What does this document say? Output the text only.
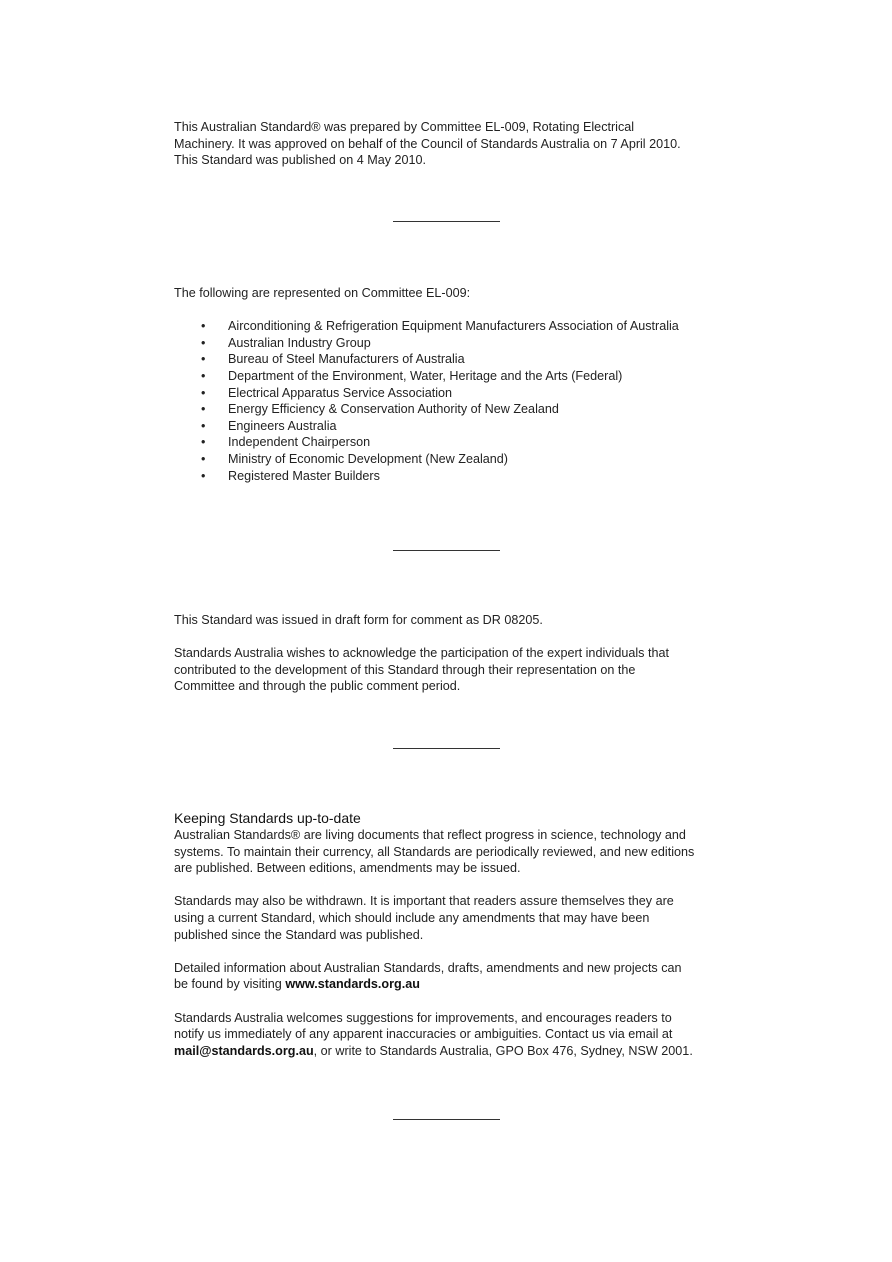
This Australian Standard® was prepared by Committee EL-009, Rotating Electrical

Machinery. It was approved on behalf of the Council of Standards Australia on 7 April 2010.

This Standard was published on 4 May 2010.

The following are represented on Committee EL-009:

• Airconditioning & Refrigeration Equipment Manufacturers Association of Australia
• Australian Industry Group
• Bureau of Steel Manufacturers of Australia
• Department of the Environment, Water, Heritage and the Arts (Federal)
• Electrical Apparatus Service Association
• Energy Efficiency & Conservation Authority of New Zealand
• Engineers Australia
• Independent Chairperson
• Ministry of Economic Development (New Zealand)
• Registered Master Builders

This Standard was issued in draft form for comment as DR 08205.

Standards Australia wishes to acknowledge the participation of the expert individuals that

contributed to the development of this Standard through their representation on the

Committee and through the public comment period.

Keeping Standards up-to-date

Australian Standards® are living documents that reflect progress in science, technology and

systems. To maintain their currency, all Standards are periodically reviewed, and new editions

are published. Between editions, amendments may be issued.

Standards may also be withdrawn. It is important that readers assure themselves they are

using a current Standard, which should include any amendments that may have been

published since the Standard was published.

Detailed information about Australian Standards, drafts, amendments and new projects can

be found by visiting www.standards.org.au

Standards Australia welcomes suggestions for improvements, and encourages readers to

notify us immediately of any apparent inaccuracies or ambiguities. Contact us via email at

mail@standards.org.au, or write to Standards Australia, GPO Box 476, Sydney, NSW 2001.
